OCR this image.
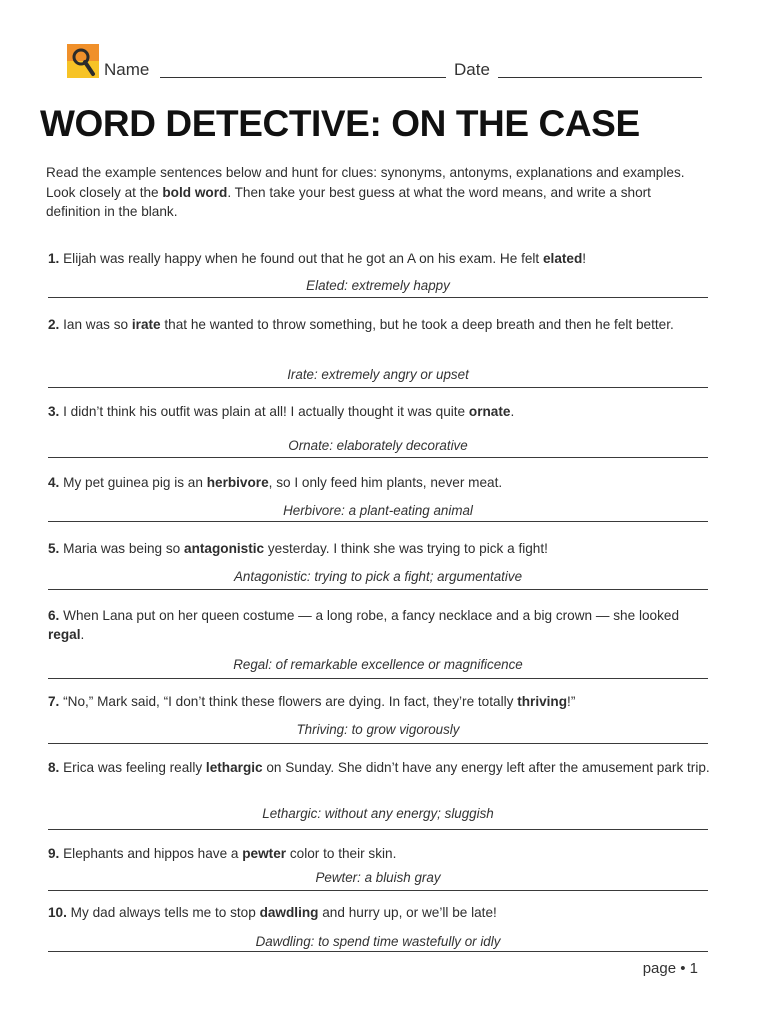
Name	Date
WORD DETECTIVE: ON THE CASE

Read the example sentences below and hunt for clues: synonyms, antonyms, explanations and examples. Look closely at the bold word. Then take your best guess at what the word means, and write a short definition in the blank.

1. Elijah was really happy when he found out that he got an A on his exam. He felt elated!

Elated: extremely happy

2. Ian was so irate that he wanted to throw something, but he took a deep breath and then he felt better.

Irate: extremely angry or upset

3. I didn’t think his outfit was plain at all! I actually thought it was quite ornate.

Ornate: elaborately decorative

4. My pet guinea pig is an herbivore, so I only feed him plants, never meat.

Herbivore: a plant-eating animal

5. Maria was being so antagonistic yesterday. I think she was trying to pick a fight!

Antagonistic: trying to pick a fight; argumentative

6. When Lana put on her queen costume — a long robe, a fancy necklace and a big crown — she looked regal.

Regal: of remarkable excellence or magnificence

7. “No,” Mark said, “I don’t think these flowers are dying. In fact, they’re totally thriving!”

Thriving: to grow vigorously

8. Erica was feeling really lethargic on Sunday. She didn’t have any energy left after the amusement park trip.

Lethargic: without any energy; sluggish

9. Elephants and hippos have a pewter color to their skin.

Pewter: a bluish gray

10. My dad always tells me to stop dawdling and hurry up, or we’ll be late!

Dawdling: to spend time wastefully or idly

page • 1
